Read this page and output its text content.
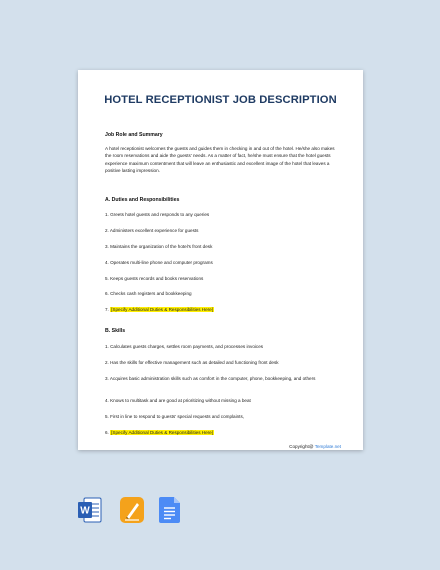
HOTEL RECEPTIONIST JOB DESCRIPTION
Job Role and Summary
A hotel receptionist welcomes the guests and guides them in checking in and out of the hotel. He/she also makes the room reservations and aide the guests' needs. As a matter of fact, he/she must ensure that the hotel guests experience maximum contentment that will leave an enthusiastic and excellent image of the hotel that leaves a positive lasting impression.
A. Duties and Responsibilities
1. Greets hotel guests and responds to any queries
2. Administers excellent experience for guests
3. Maintains the organization of the hotel's front desk
4. Operates multi-line phone and computer programs
5. Keeps guests records and books reservations
6. Checks cash registers and bookkeeping
7. [Specify Additional Duties & Responsibilities Here]
B. Skills
1. Calculates guests charges, settles room payments, and processes invoices
2. Has the skills for effective management such as detailed and functioning front desk
3. Acquires basic administration skills such as comfort in the computer, phone, bookkeeping, and others
4. Knows to multitask and are good at prioritizing without missing a beat
5. First in line to respond to guests' special requests and complaints,
6. [Specify Additional Duties & Responsibilities Here]
Copyright@ Template.net
W
